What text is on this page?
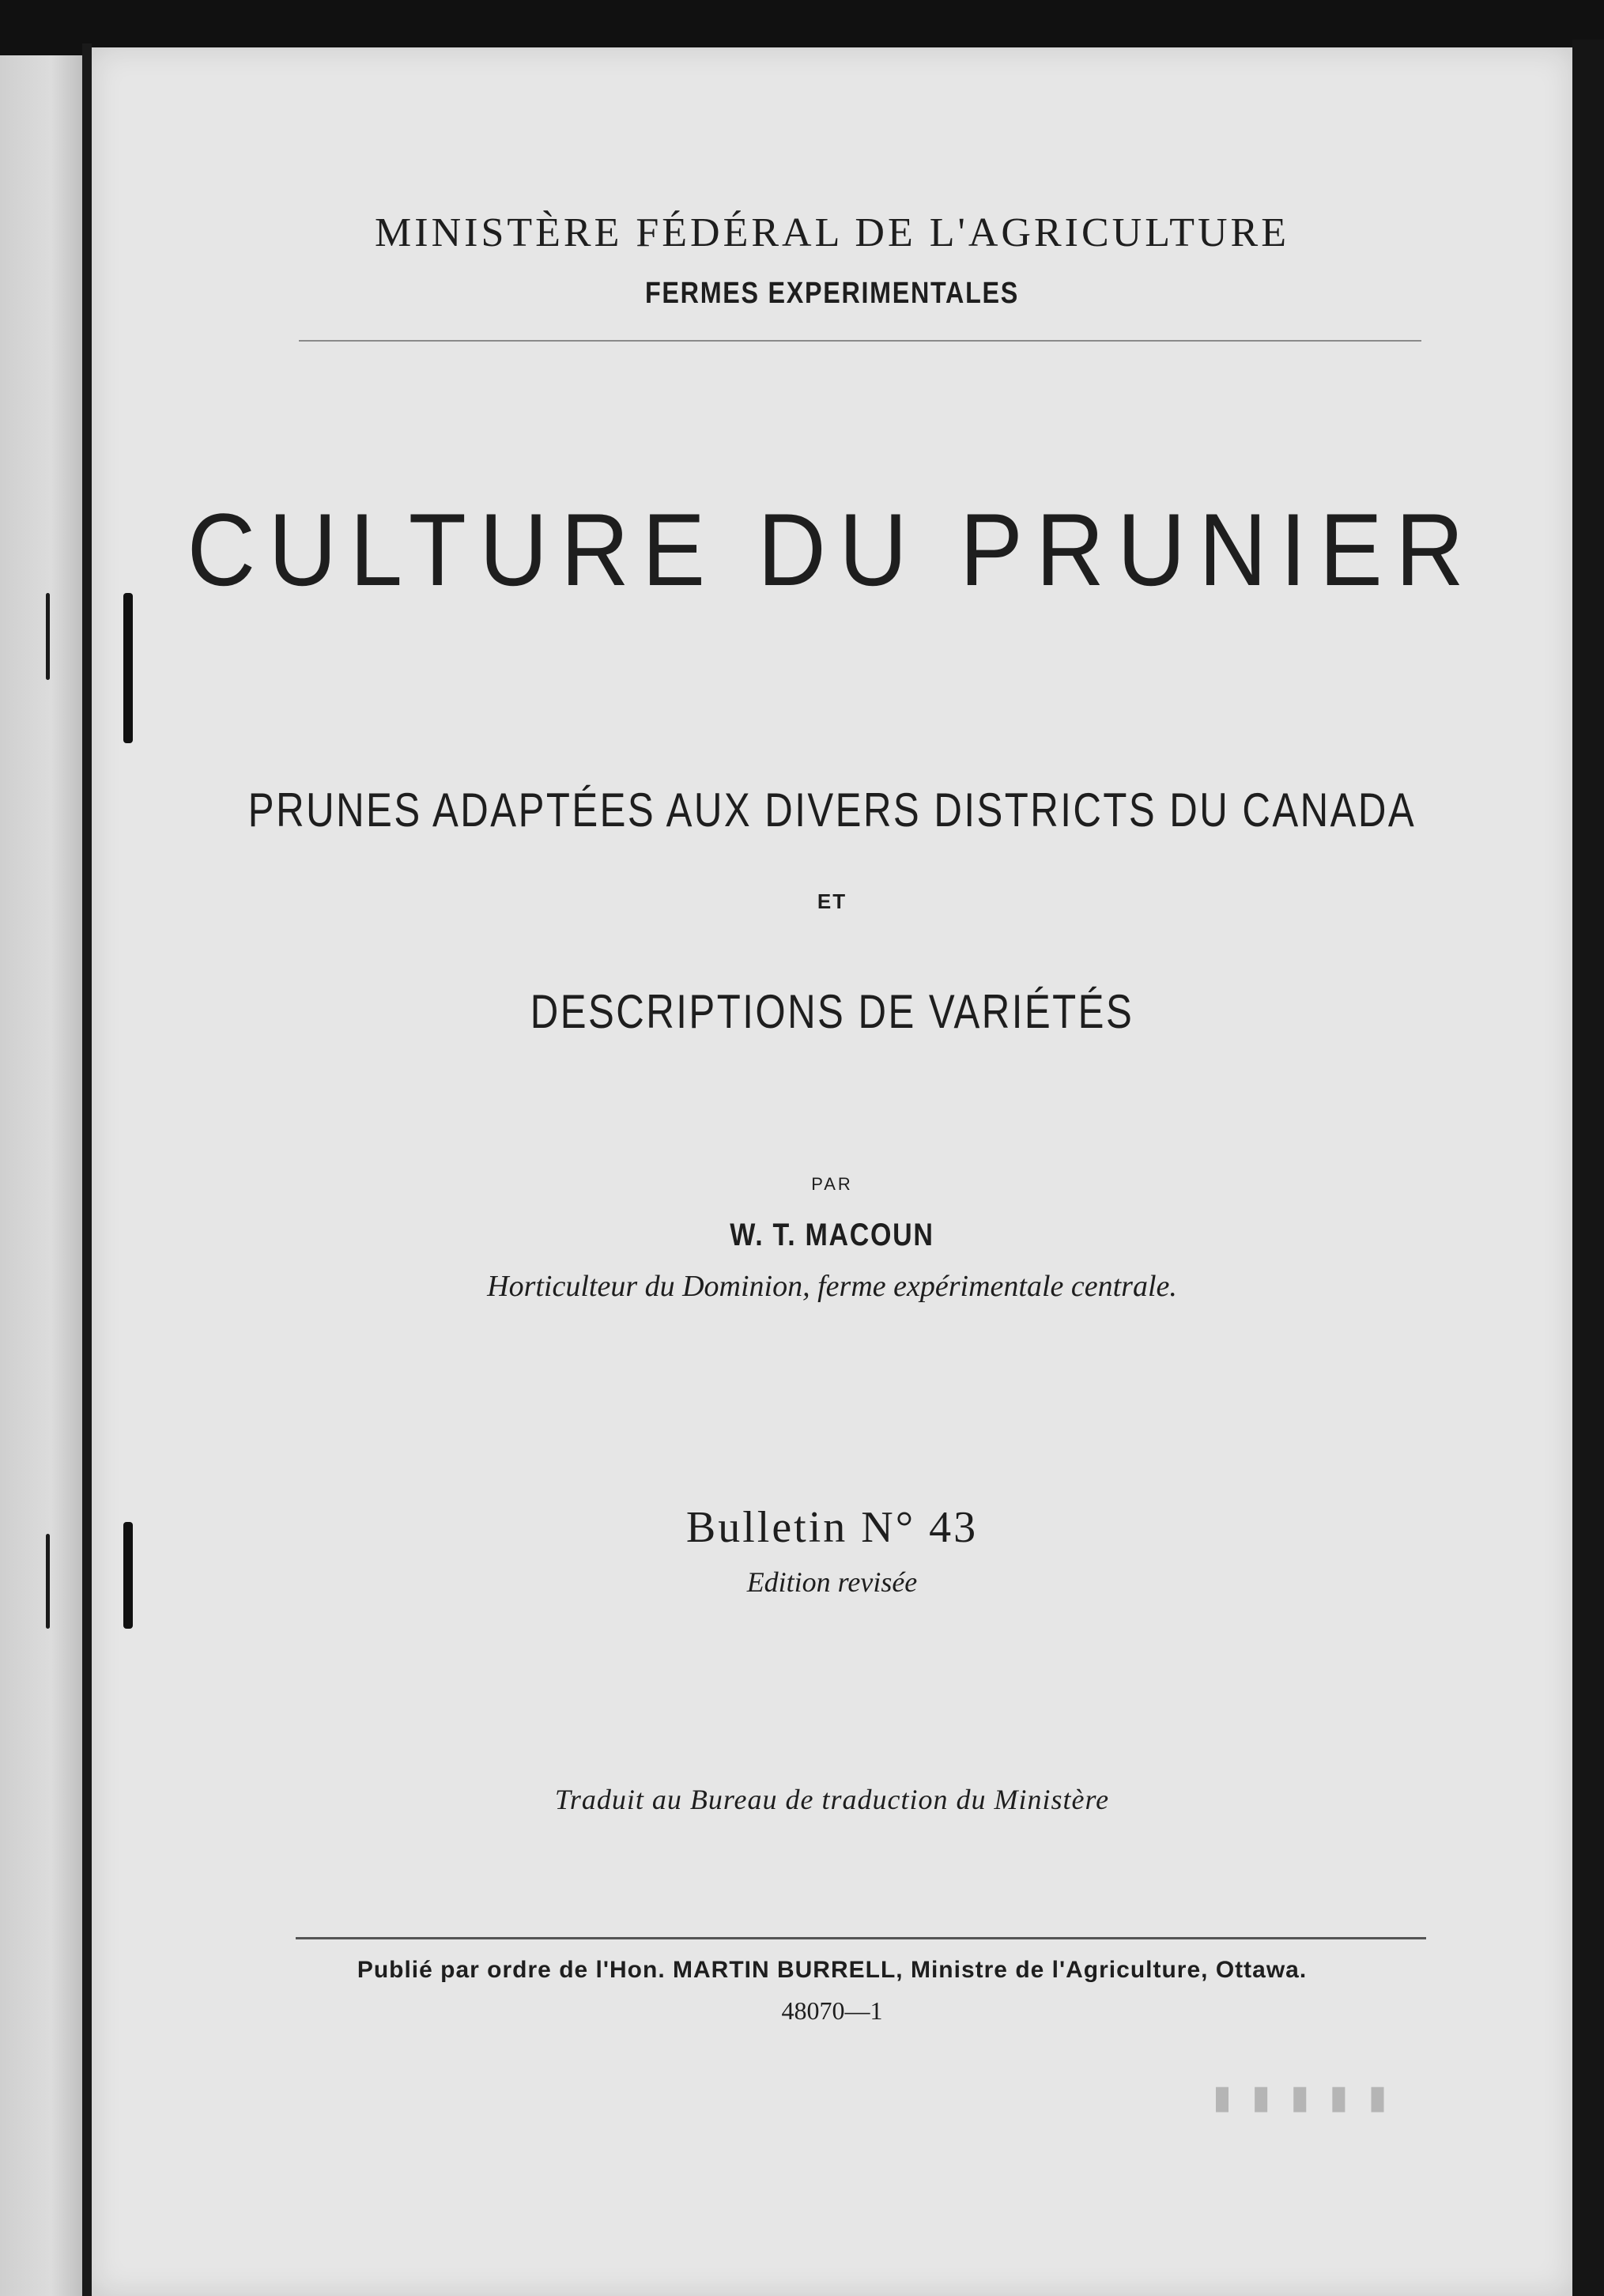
MINISTÈRE FÉDÉRAL DE L'AGRICULTURE
FERMES EXPERIMENTALES
CULTURE DU PRUNIER
PRUNES ADAPTÉES AUX DIVERS DISTRICTS DU CANADA
ET
DESCRIPTIONS DE VARIÉTÉS
PAR
W. T. MACOUN
Horticulteur du Dominion, ferme expérimentale centrale.
Bulletin N° 43
Edition revisée
Traduit au Bureau de traduction du Ministère
Publié par ordre de l'Hon. MARTIN BURRELL, Ministre de l'Agriculture, Ottawa.
48070—1
▮ ▮ ▮ ▮ ▮
